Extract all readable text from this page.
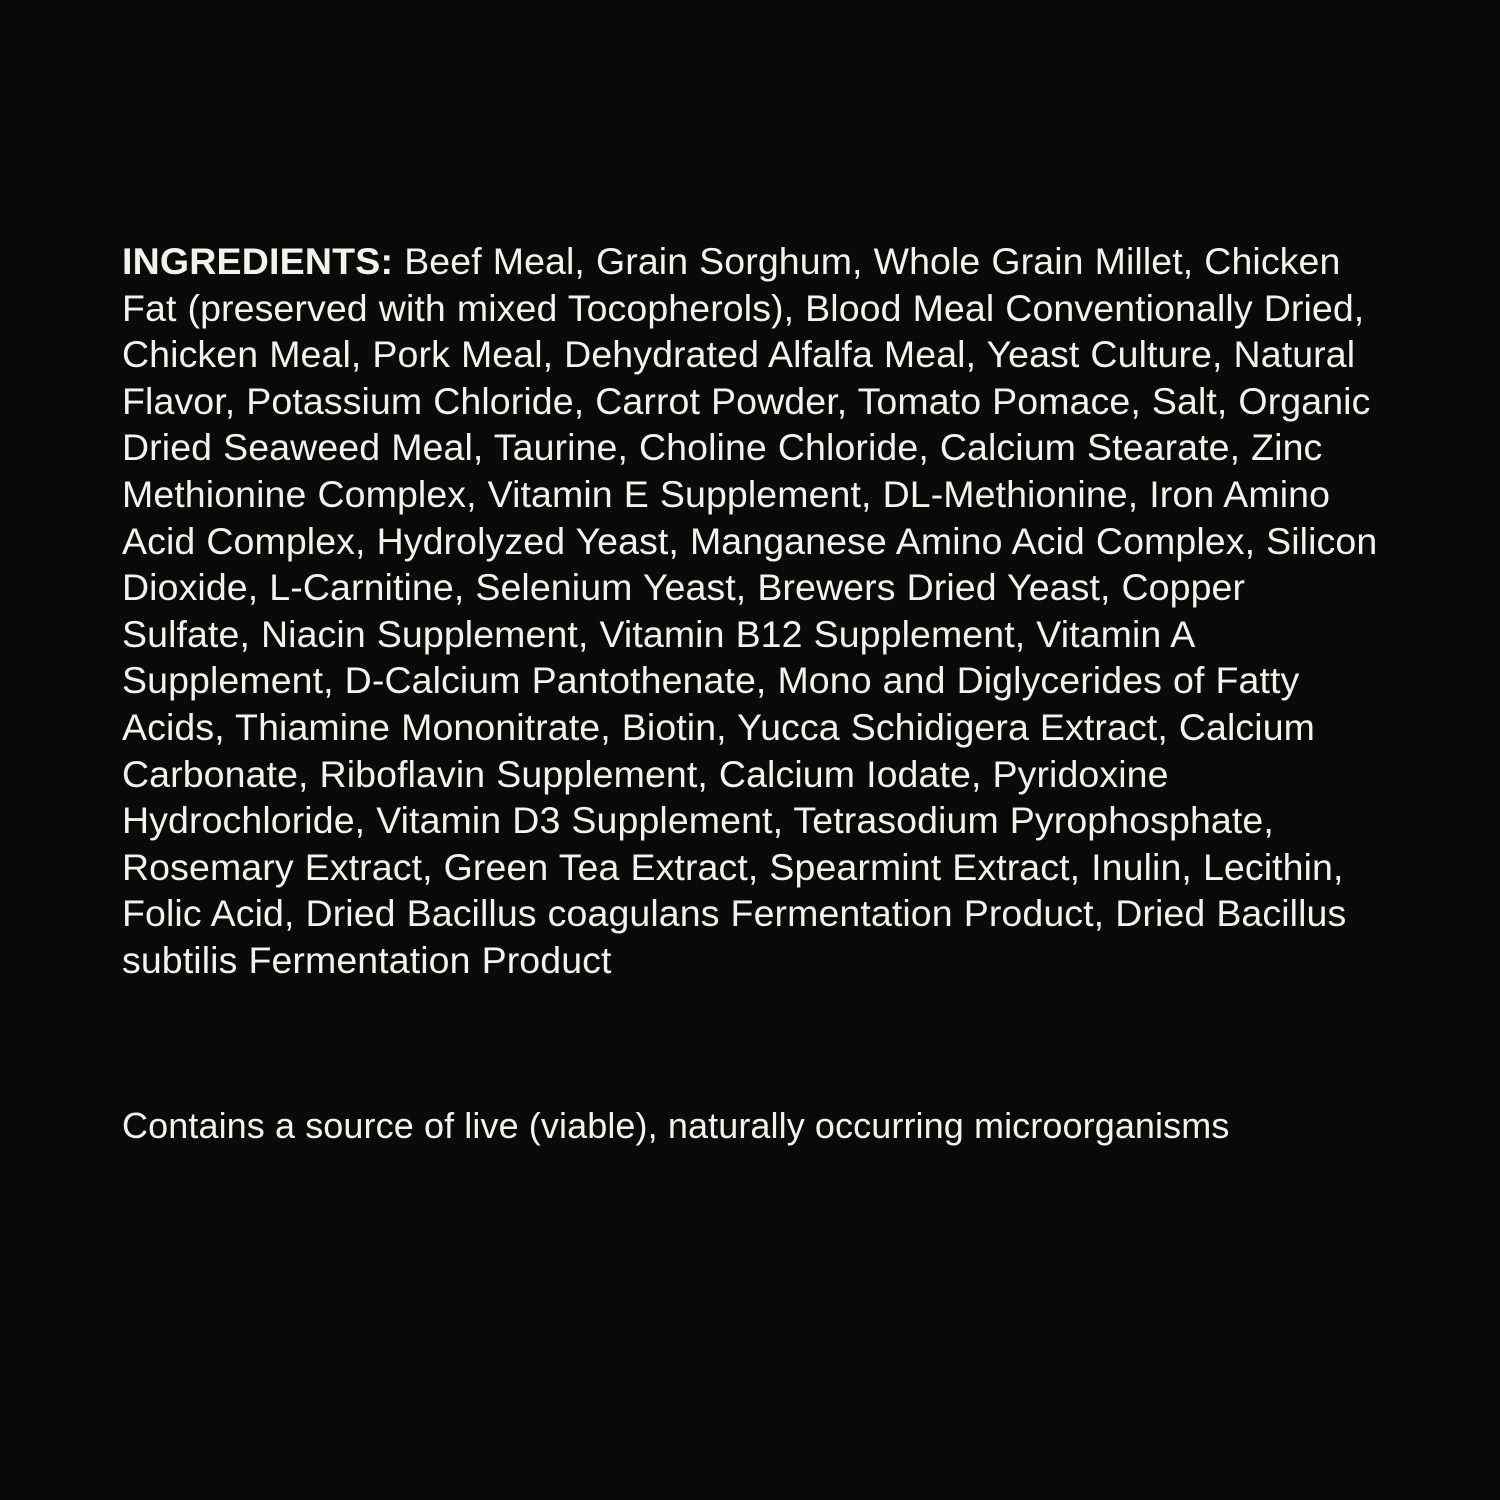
INGREDIENTS: Beef Meal, Grain Sorghum, Whole Grain Millet, Chicken Fat (preserved with mixed Tocopherols), Blood Meal Conventionally Dried, Chicken Meal, Pork Meal, Dehydrated Alfalfa Meal, Yeast Culture, Natural Flavor, Potassium Chloride, Carrot Powder, Tomato Pomace, Salt, Organic Dried Seaweed Meal, Taurine, Choline Chloride, Calcium Stearate, Zinc Methionine Complex, Vitamin E Supplement, DL-Methionine, Iron Amino Acid Complex, Hydrolyzed Yeast, Manganese Amino Acid Complex, Silicon Dioxide, L-Carnitine, Selenium Yeast, Brewers Dried Yeast, Copper Sulfate, Niacin Supplement, Vitamin B12 Supplement, Vitamin A Supplement, D-Calcium Pantothenate, Mono and Diglycerides of Fatty Acids, Thiamine Mononitrate, Biotin, Yucca Schidigera Extract, Calcium Carbonate, Riboflavin Supplement, Calcium Iodate, Pyridoxine Hydrochloride, Vitamin D3 Supplement, Tetrasodium Pyrophosphate, Rosemary Extract, Green Tea Extract, Spearmint Extract, Inulin, Lecithin, Folic Acid, Dried Bacillus coagulans Fermentation Product, Dried Bacillus subtilis Fermentation Product

Contains a source of live (viable), naturally occurring microorganisms
